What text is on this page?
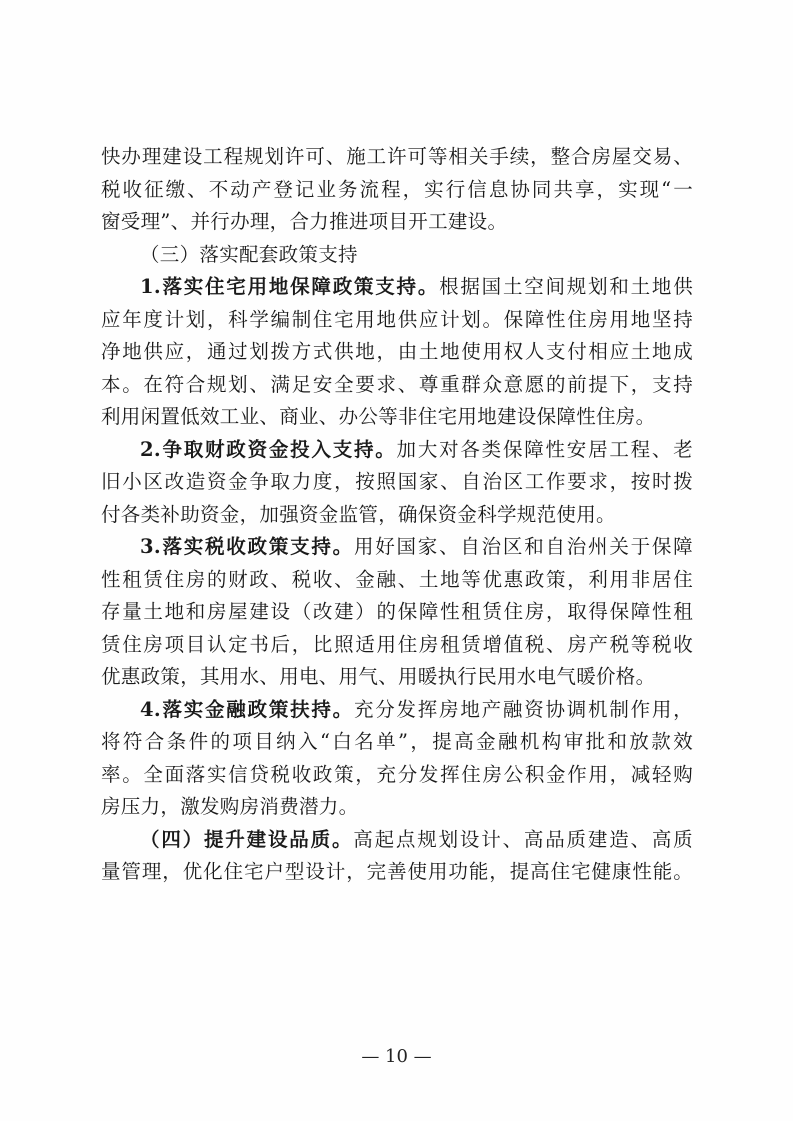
快办理建设工程规划许可、施工许可等相关手续，整合房屋交易、
税收征缴、不动产登记业务流程，实行信息协同共享，实现“一
窗受理”、并行办理，合力推进项目开工建设。
（三）落实配套政策支持
1.落实住宅用地保障政策支持。根据国土空间规划和土地供
应年度计划，科学编制住宅用地供应计划。保障性住房用地坚持
净地供应，通过划拨方式供地，由土地使用权人支付相应土地成
本。在符合规划、满足安全要求、尊重群众意愿的前提下，支持
利用闲置低效工业、商业、办公等非住宅用地建设保障性住房。
2.争取财政资金投入支持。加大对各类保障性安居工程、老
旧小区改造资金争取力度，按照国家、自治区工作要求，按时拨
付各类补助资金，加强资金监管，确保资金科学规范使用。
3.落实税收政策支持。用好国家、自治区和自治州关于保障
性租赁住房的财政、税收、金融、土地等优惠政策，利用非居住
存量土地和房屋建设（改建）的保障性租赁住房，取得保障性租
赁住房项目认定书后，比照适用住房租赁增值税、房产税等税收
优惠政策，其用水、用电、用气、用暖执行民用水电气暖价格。
4.落实金融政策扶持。充分发挥房地产融资协调机制作用，
将符合条件的项目纳入“白名单”，提高金融机构审批和放款效
率。全面落实信贷税收政策，充分发挥住房公积金作用，减轻购
房压力，激发购房消费潜力。
（四）提升建设品质。高起点规划设计、高品质建造、高质
量管理，优化住宅户型设计，完善使用功能，提高住宅健康性能。
— 10 —
